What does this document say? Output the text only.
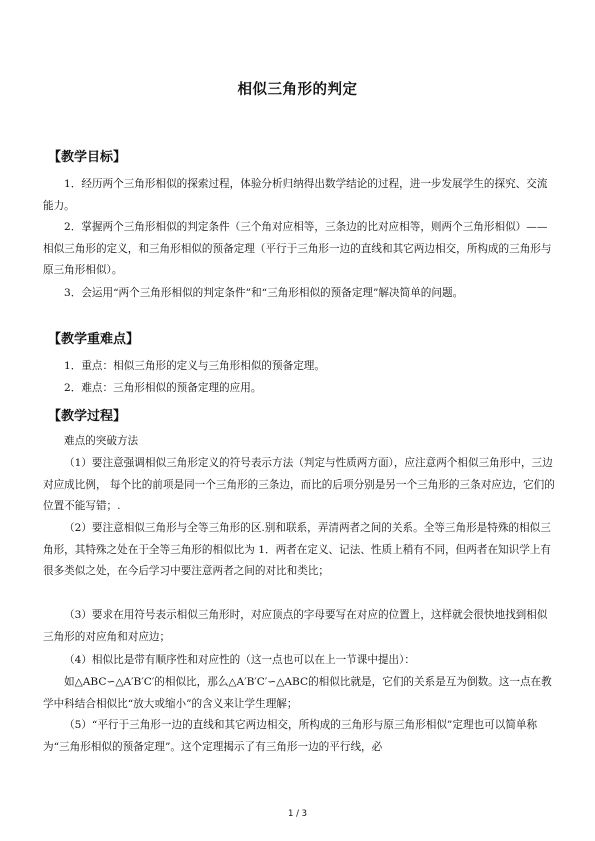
相似三角形的判定
【教学目标】
1．经历两个三角形相似的探索过程，体验分析归纳得出数学结论的过程，进一步发展学生的探究、交流能力。
2．掌握两个三角形相似的判定条件（三个角对应相等，三条边的比对应相等，则两个三角形相似）——相似三角形的定义，和三角形相似的预备定理（平行于三角形一边的直线和其它两边相交，所构成的三角形与原三角形相似）。
3．会运用“两个三角形相似的判定条件”和“三角形相似的预备定理”解决简单的问题。
【教学重难点】
1．重点：相似三角形的定义与三角形相似的预备定理。
2．难点：三角形相似的预备定理的应用。
【教学过程】
难点的突破方法
（1）要注意强调相似三角形定义的符号表示方法（判定与性质两方面），应注意两个相似三角形中，三边对应成比例， 每个比的前项是同一个三角形的三条边，而比的后项分别是另一个三角形的三条对应边，它们的位置不能写错；.
（2）要注意相似三角形与全等三角形的区.别和联系，弄清两者之间的关系。全等三角形是特殊的相似三角形，其特殊之处在于全等三角形的相似比为 1．两者在定义、记法、性质上稍有不同，但两者在知识学上有很多类似之处，在今后学习中要注意两者之间的对比和类比；
（3）要求在用符号表示相似三角形时，对应顶点的字母要写在对应的位置上，这样就会很快地找到相似三角形的对应角和对应边；
（4）相似比是带有顺序性和对应性的（这一点也可以在上一节课中提出）：
如△ABC∽△A′B′C′的相似比，那么△A′B′C′∽△ABC的相似比就是，它们的关系是互为倒数。这一点在教学中科结合相似比“放大或缩小”的含义来让学生理解；
（5）“平行于三角形一边的直线和其它两边相交，所构成的三角形与原三角形相似”定理也可以简单称为“三角形相似的预备定理”。这个定理揭示了有三角形一边的平行线，必
1 / 3
